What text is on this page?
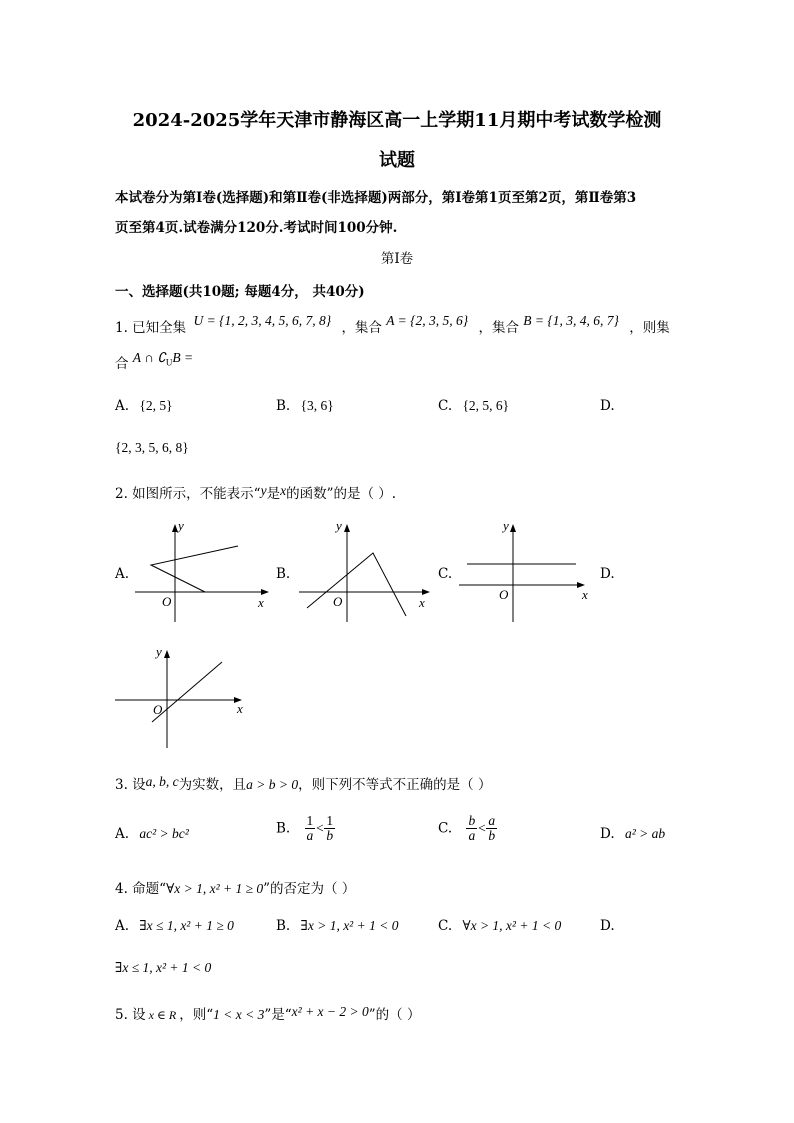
2024-2025学年天津市静海区高一上学期11月期中考试数学检测
试题
本试卷分为第Ⅰ卷(选择题)和第Ⅱ卷(非选择题)两部分，第Ⅰ卷第1页至第2页，第Ⅱ卷第3
页至第4页.试卷满分120分.考试时间100分钟.
第Ⅰ卷
一、选择题(共10题; 每题4分， 共40分)
1. 已知全集 U = {1, 2, 3, 4, 5, 6, 7, 8} ，集合 A = {2, 3, 5, 6} ，集合 B = {1, 3, 4, 6, 7} ，则集
合 A ∩ $∁_UB$ =
A. {2, 5}	B. {3, 6}	C. {2, 5, 6}	D.
{2, 3, 5, 6, 8}
2. 如图所示，不能表示“y是x的函数”的是（ ）.
A.	B.	C.	D.
y
x
O
y
x
O
y
x
O
y
x
O
3. 设a, b, c为实数，且a > b > 0，则下列不等式不正确的是（ ）
A. ac² > bc²	B. $\frac{1}{a} < \frac{1}{b}$	C. $\frac{b}{a} < \frac{a}{b}$	D. a² > ab
4. 命题“∀x > 1, x² + 1 ≥ 0”的否定为（ ）
A. ∃x ≤ 1, x² + 1 ≥ 0	B. ∃x > 1, x² + 1 < 0	C. ∀x > 1, x² + 1 < 0	D.
∃x ≤ 1, x² + 1 < 0
5. 设 x ∈ R ，则“1 < x < 3”是“x² + x − 2 > 0”的（ ）
